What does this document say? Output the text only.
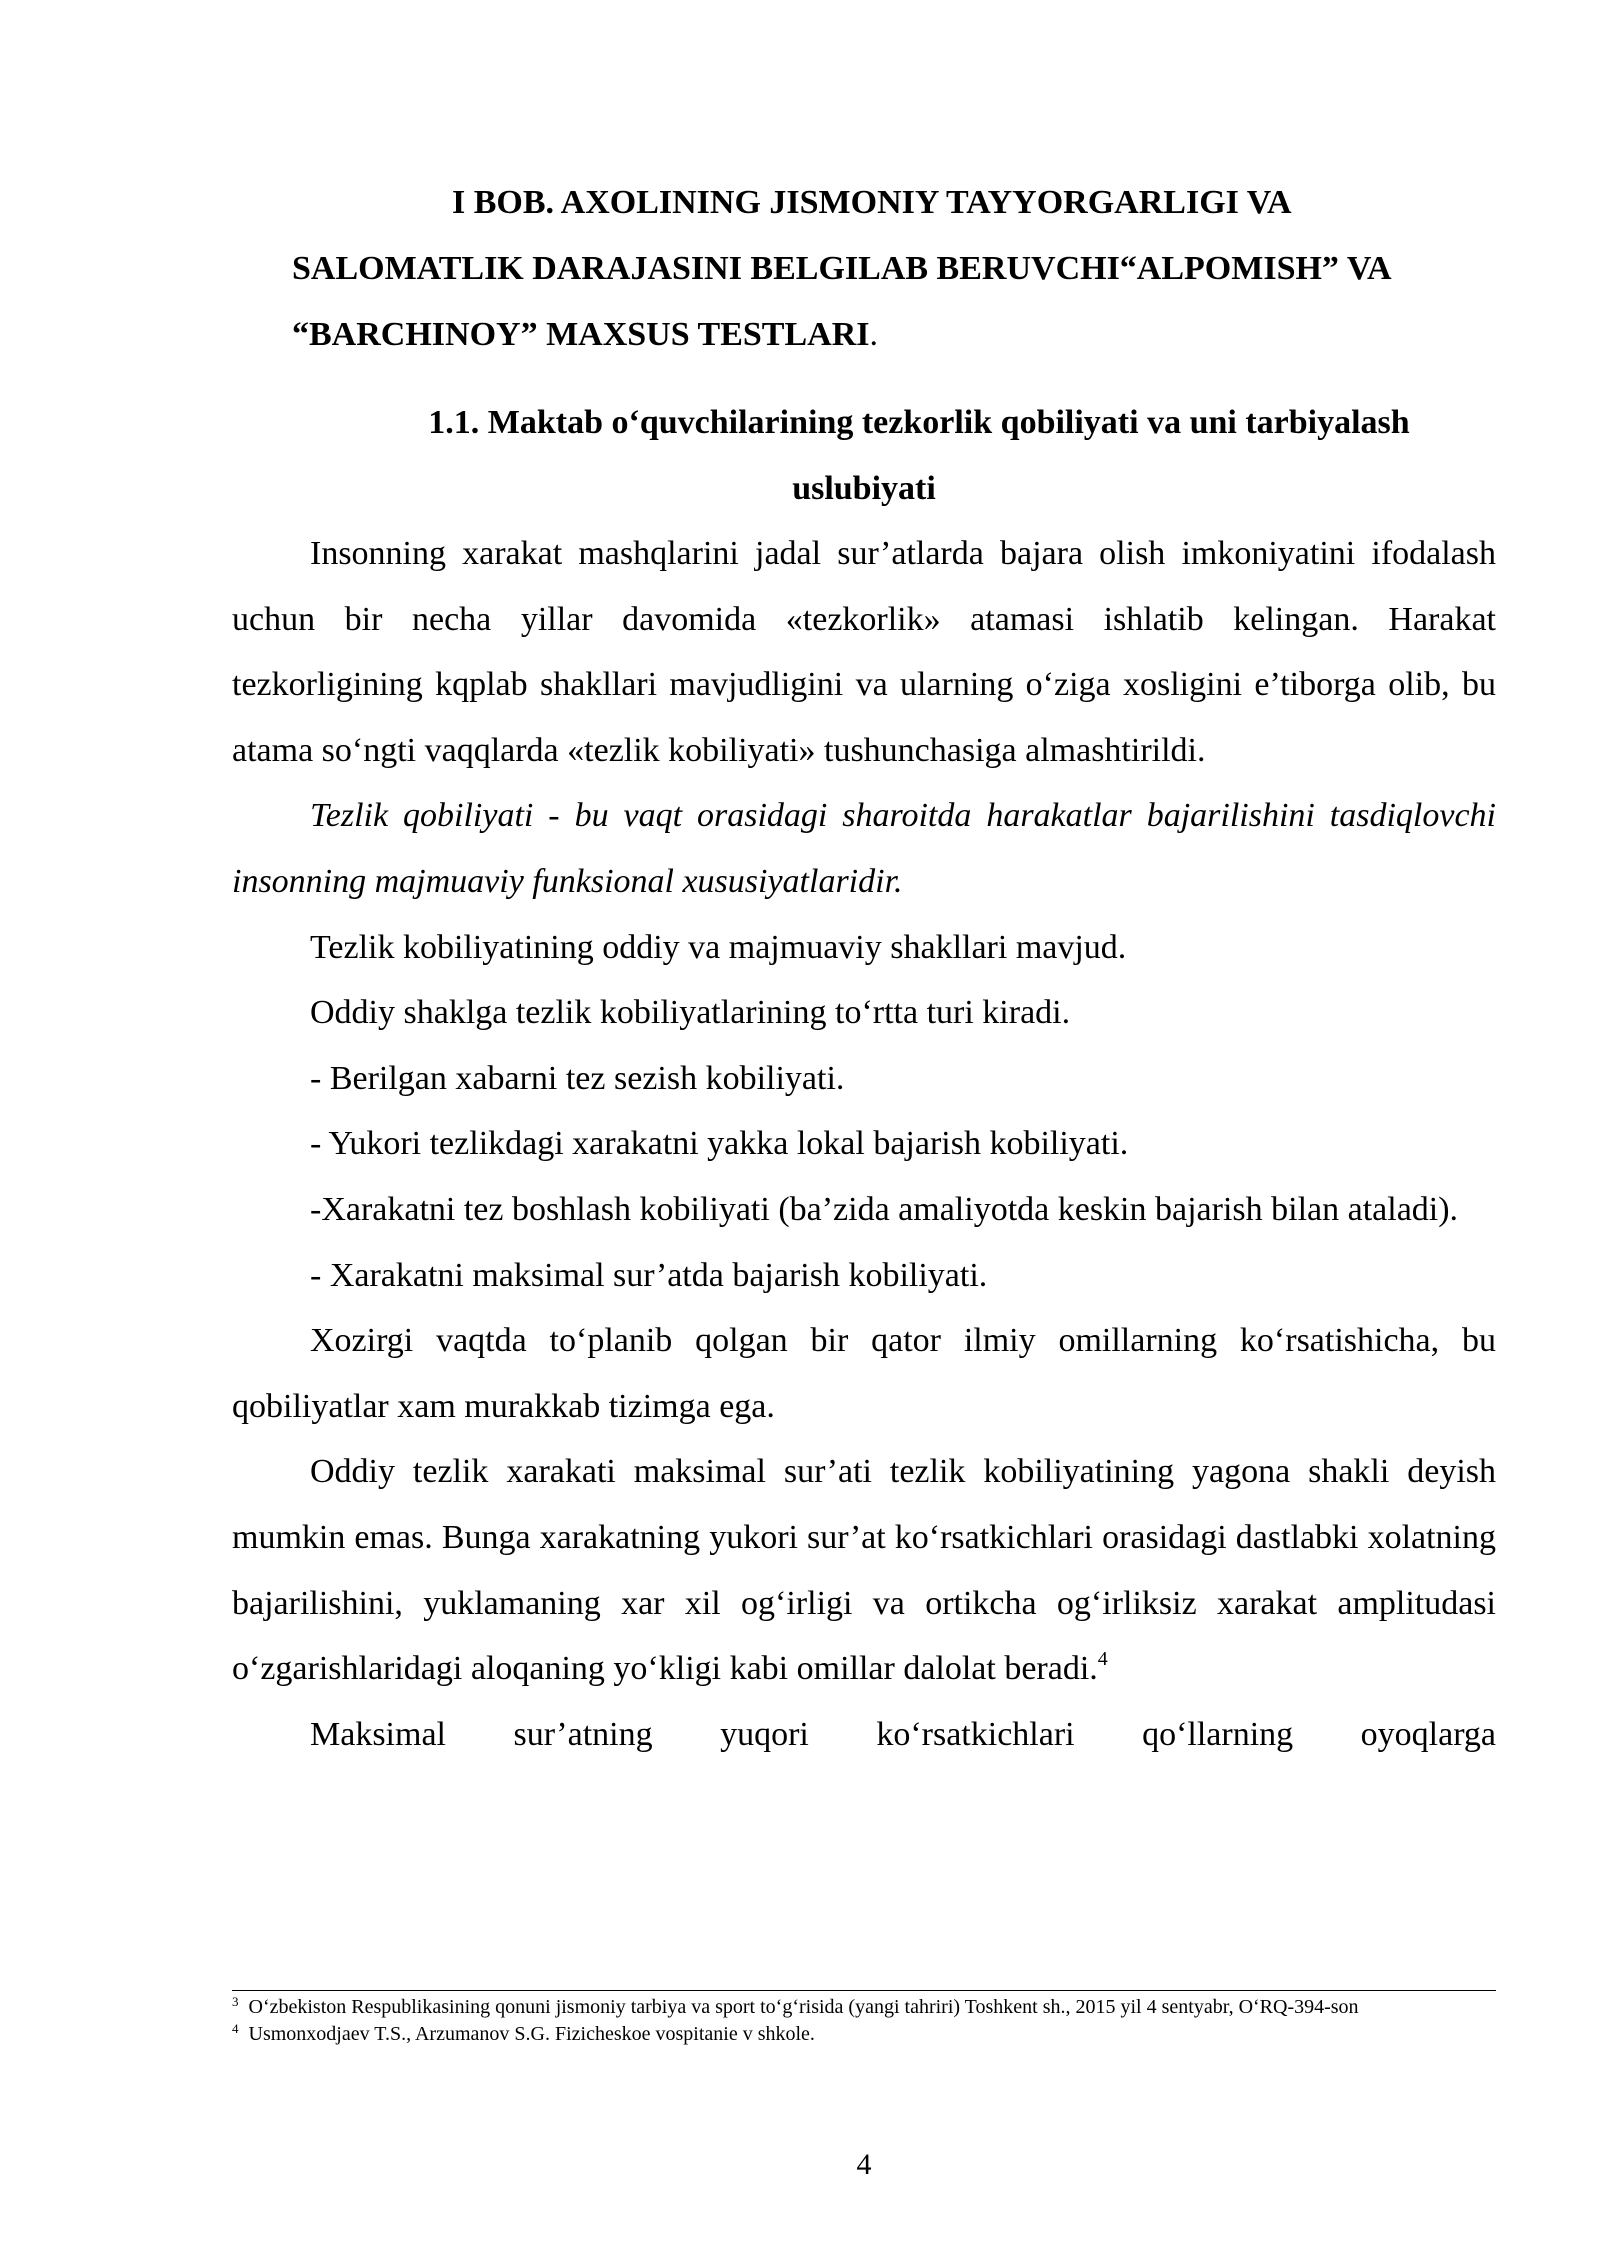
I BOB. AXOLINING JISMONIY TAYYORGARLIGI VA
SALOMATLIK DARAJASINI BELGILAB BERUVCHI“ALPOMISH” VA
“BARCHINOY” MAXSUS TESTLARI.
1.1. Maktab o‘quvchilarining tezkorlik qobiliyati va uni tarbiyalash
uslubiyati

Insonning xarakat mashqlarini jadal sur’atlarda bajara olish imkoniyatini ifodalash uchun bir necha yillar davomida «tezkorlik» atamasi ishlatib kelingan. Harakat tezkorligining kqplab shakllari mavjudligini va ularning o‘ziga xosligini e’tiborga olib, bu atama so‘ngti vaqqlarda «tezlik kobiliyati» tushunchasiga almashtirildi.

Tezlik qobiliyati - bu vaqt orasidagi sharoitda harakatlar bajarilishini tasdiqlovchi insonning majmuaviy funksional xususiyatlaridir.

Tezlik kobiliyatining oddiy va majmuaviy shakllari mavjud.

Oddiy shaklga tezlik kobiliyatlarining to‘rtta turi kiradi.

- Berilgan xabarni tez sezish kobiliyati.

- Yukori tezlikdagi xarakatni yakka lokal bajarish kobiliyati.

-Xarakatni tez boshlash kobiliyati (ba’zida amaliyotda keskin bajarish bilan ataladi).

- Xarakatni maksimal sur’atda bajarish kobiliyati.

Xozirgi vaqtda to‘planib qolgan bir qator ilmiy omillarning ko‘rsatishicha, bu qobiliyatlar xam murakkab tizimga ega.

Oddiy tezlik xarakati maksimal sur’ati tezlik kobiliyatining yagona shakli deyish mumkin emas. Bunga xarakatning yukori sur’at ko‘rsatkichlari orasidagi dastlabki xolatning bajarilishini, yuklamaning xar xil og‘irligi va ortikcha og‘irliksiz xarakat amplitudasi o‘zgarishlaridagi aloqaning yo‘kligi kabi omillar dalolat beradi.$^4$

Maksimal sur’atning yuqori ko‘rsatkichlari qo‘llarning oyoqlarga

$^3$ O‘zbekiston Respublikasining qonuni jismoniy tarbiya va sport to‘g‘risida (yangi tahriri) Toshkent sh., 2015 yil 4 sentyabr, O‘RQ-394-son
$^4$ Usmonxodjaev T.S., Arzumanov S.G. Fizicheskoe vospitanie v shkole.
4
